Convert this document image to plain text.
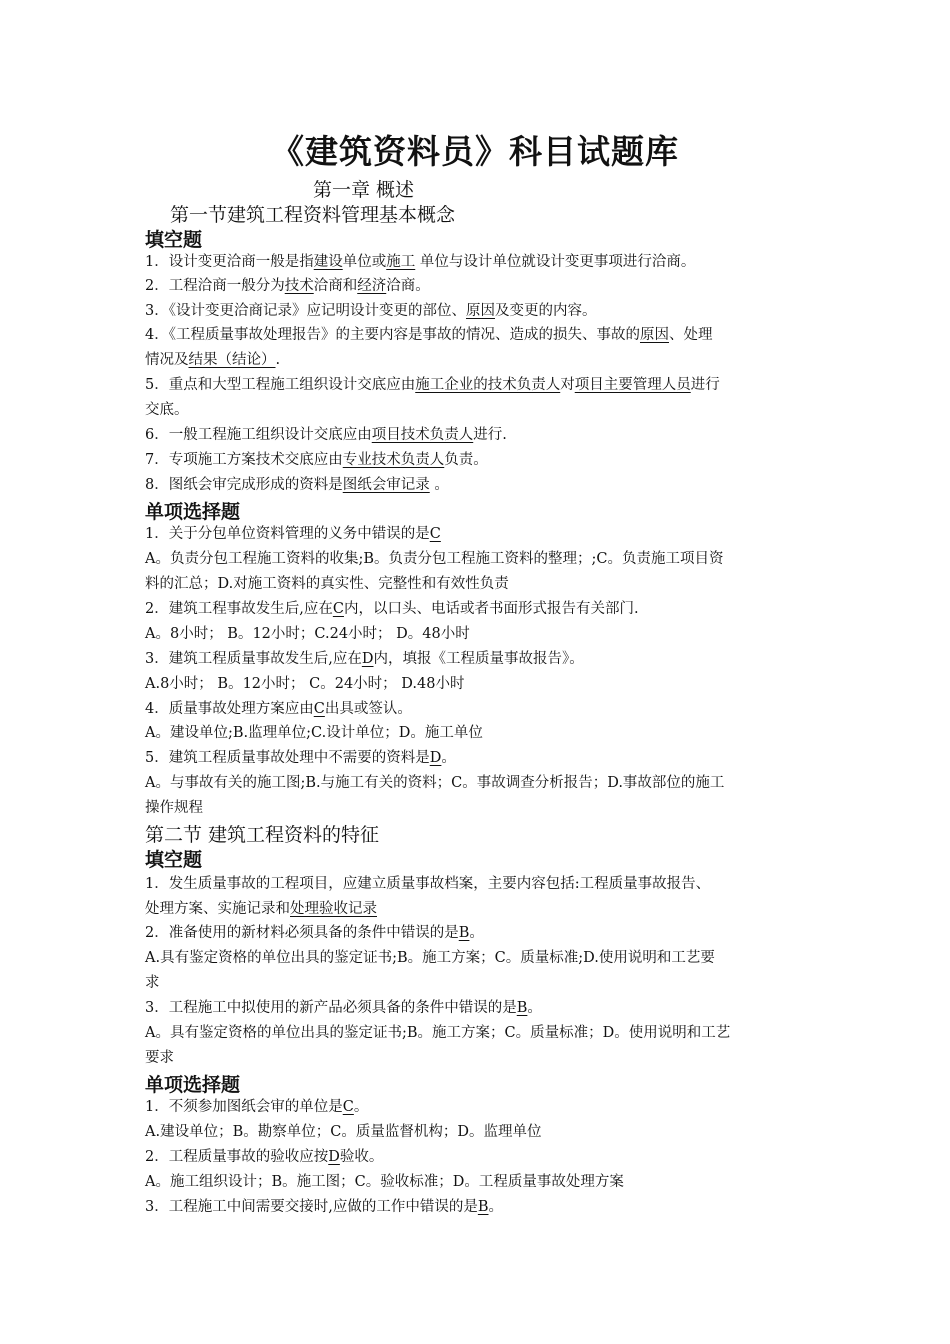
《建筑资料员》科目试题库
第一章 概述
第一节建筑工程资料管理基本概念
填空题
单项选择题
第二节 建筑工程资料的特征
填空题
单项选择题
1．设计变更洽商一般是指建设单位或施工 单位与设计单位就设计变更事项进行洽商。
2．工程洽商一般分为技术洽商和经济洽商。
3．《设计变更洽商记录》应记明设计变更的部位、原因及变更的内容。
4．《工程质量事故处理报告》的主要内容是事故的情况、造成的损失、事故的原因、处理
情况及结果（结论）.
5．重点和大型工程施工组织设计交底应由施工企业的技术负责人对项目主要管理人员进行
交底。
6．一般工程施工组织设计交底应由项目技术负责人进行.
7．专项施工方案技术交底应由专业技术负责人负责。
8．图纸会审完成形成的资料是图纸会审记录 。
1．关于分包单位资料管理的义务中错误的是C
A。负责分包工程施工资料的收集;B。负责分包工程施工资料的整理；;C。负责施工项目资
料的汇总；D.对施工资料的真实性、完整性和有效性负责
2．建筑工程事故发生后,应在C内，以口头、电话或者书面形式报告有关部门.
A。8小时； B。12小时；C.24小时； D。48小时
3．建筑工程质量事故发生后,应在D内，填报《工程质量事故报告》。
A.8小时； B。12小时； C。24小时； D.48小时
4．质量事故处理方案应由C出具或签认。
A。建设单位;B.监理单位;C.设计单位；D。施工单位
5．建筑工程质量事故处理中不需要的资料是D。
A。与事故有关的施工图;B.与施工有关的资料；C。事故调查分析报告；D.事故部位的施工
操作规程
1．发生质量事故的工程项目，应建立质量事故档案，主要内容包括:工程质量事故报告、
处理方案、实施记录和处理验收记录
2．准备使用的新材料必须具备的条件中错误的是B。
A.具有鉴定资格的单位出具的鉴定证书;B。施工方案；C。质量标准;D.使用说明和工艺要
求
3．工程施工中拟使用的新产品必须具备的条件中错误的是B。
A。具有鉴定资格的单位出具的鉴定证书;B。施工方案；C。质量标准；D。使用说明和工艺
要求
1．不须参加图纸会审的单位是C。
A.建设单位；B。勘察单位；C。质量监督机构；D。监理单位
2．工程质量事故的验收应按D验收。
A。施工组织设计；B。施工图；C。验收标准；D。工程质量事故处理方案
3．工程施工中间需要交接时,应做的工作中错误的是B。
